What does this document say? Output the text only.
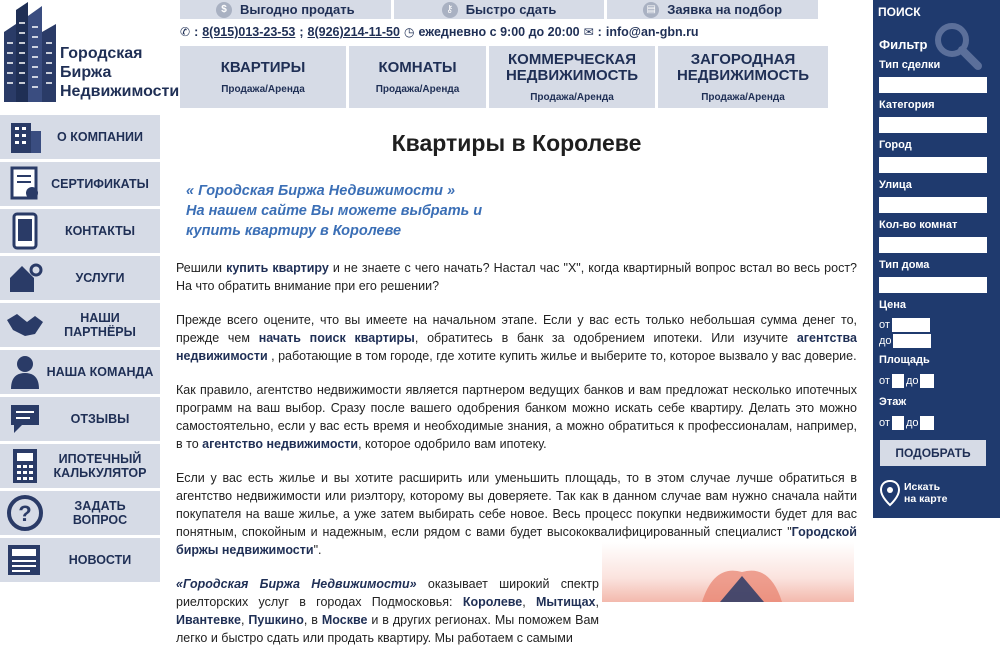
Городская
Биржа
Недвижимости
$	Выгодно продать	⚷ Быстро сдать	▤ Заявка на подбор
✆ : 8(915)013-23-53 ; 8(926)214-11-50 ◷ ежедневно с 9:00 до 20:00 ✉ : info@an-gbn.ru
КВАРТИРЫ
Продажа/Аренда
КОМНАТЫ
Продажа/Аренда
КОММЕРЧЕСКАЯ НЕДВИЖИМОСТЬ
Продажа/Аренда
ЗАГОРОДНАЯ НЕДВИЖИМОСТЬ
Продажа/Аренда
О КОМПАНИИ
СЕРТИФИКАТЫ
КОНТАКТЫ
УСЛУГИ
НАШИ ПАРТНЁРЫ
НАША КОМАНДА
ОТЗЫВЫ
ИПОТЕЧНЫЙ КАЛЬКУЛЯТОР
?	ЗАДАТЬ ВОПРОС
НОВОСТИ
Квартиры в Королеве
« Городская Биржа Недвижимости »
На нашем сайте Вы можете выбрать и
купить квартиру в Королеве

Решили купить квартиру и не знаете с чего начать? Настал час "Х", когда квартирный вопрос встал во весь рост? На что обратить внимание при его решении?

Прежде всего оцените, что вы имеете на начальном этапе. Если у вас есть только небольшая сумма денег то, прежде чем начать поиск квартиры, обратитесь в банк за одобрением ипотеки. Или изучите агентства недвижимости , работающие в том городе, где хотите купить жилье и выберите то, которое вызвало у вас доверие.

Как правило, агентство недвижимости является партнером ведущих банков и вам предложат несколько ипотечных программ на ваш выбор. Сразу после вашего одобрения банком можно искать себе квартиру. Делать это можно самостоятельно, если у вас есть время и необходимые знания, а можно обратиться к профессионалам, например, в то агентство недвижимости, которое одобрило вам ипотеку.

Если у вас есть жилье и вы хотите расширить или уменьшить площадь, то в этом случае лучше обратиться в агентство недвижимости или риэлтору, которому вы доверяете. Так как в данном случае вам нужно сначала найти покупателя на ваше жилье, а уже затем выбирать себе новое. Весь процесс покупки недвижимости будет для вас понятным, спокойным и надежным, если рядом с вами будет высококвалифицированный специалист "Городской биржы недвижимости".

«Городская Биржа Недвижимости» оказывает широкий спектр риелторских услуг в городах Подмосковья: Королеве, Мытищах, Ивантевке, Пушкино, в Москве и в других регионах. Мы поможем Вам легко и быстро сдать или продать квартиру. Мы работаем с самыми

ПОИСК
Фильтр
Тип сделки
Категория
Город
Улица
Кол-во комнат
Тип дома
Цена
от
до
Площадь
от до
Этаж
от до
ПОДОБРАТЬ
Искать
на карте
